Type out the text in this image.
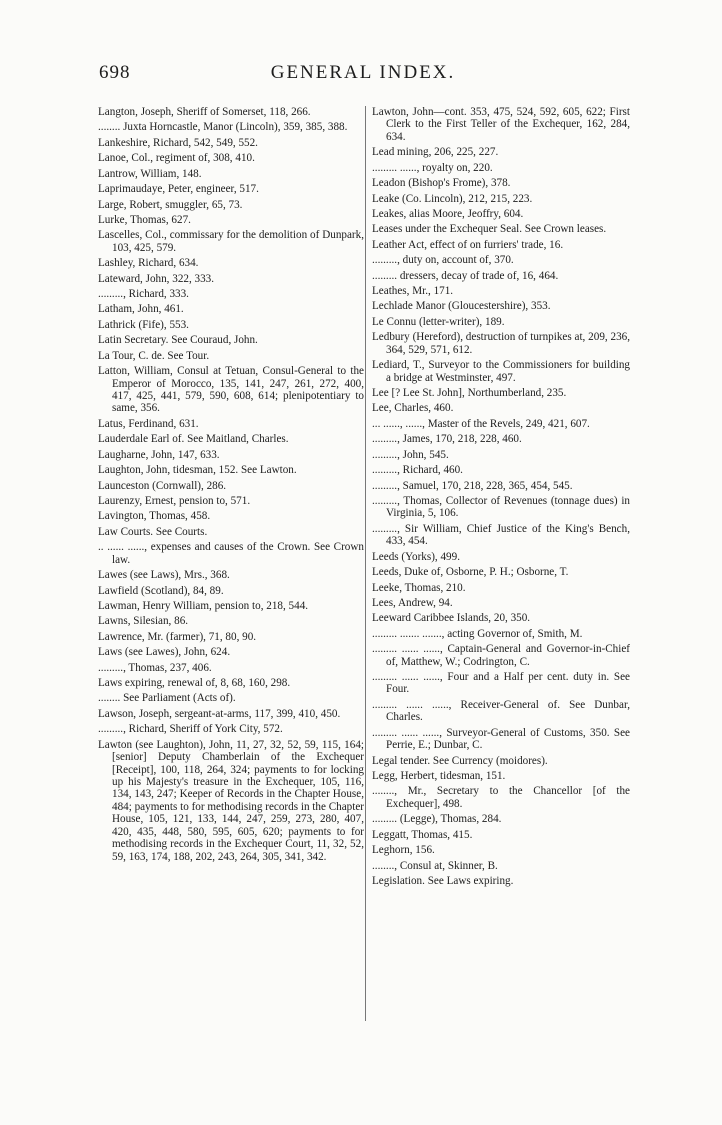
698	GENERAL INDEX.

Langton, Joseph, Sheriff of Somerset, 118, 266.

........ Juxta Horncastle, Manor (Lincoln), 359, 385, 388.

Lankeshire, Richard, 542, 549, 552.

Lanoe, Col., regiment of, 308, 410.

Lantrow, William, 148.

Laprimaudaye, Peter, engineer, 517.

Large, Robert, smuggler, 65, 73.

Lurke, Thomas, 627.

Lascelles, Col., commissary for the demolition of Dunpark, 103, 425, 579.

Lashley, Richard, 634.

Lateward, John, 322, 333.

........., Richard, 333.

Latham, John, 461.

Lathrick (Fife), 553.

Latin Secretary. See Couraud, John.

La Tour, C. de. See Tour.

Latton, William, Consul at Tetuan, Consul-General to the Emperor of Morocco, 135, 141, 247, 261, 272, 400, 417, 425, 441, 579, 590, 608, 614; plenipotentiary to same, 356.

Latus, Ferdinand, 631.

Lauderdale Earl of. See Maitland, Charles.

Laugharne, John, 147, 633.

Laughton, John, tidesman, 152. See Lawton.

Launceston (Cornwall), 286.

Laurenzy, Ernest, pension to, 571.

Lavington, Thomas, 458.

Law Courts. See Courts.

.. ...... ......, expenses and causes of the Crown. See Crown law.

Lawes (see Laws), Mrs., 368.

Lawfield (Scotland), 84, 89.

Lawman, Henry William, pension to, 218, 544.

Lawns, Silesian, 86.

Lawrence, Mr. (farmer), 71, 80, 90.

Laws (see Lawes), John, 624.

........., Thomas, 237, 406.

Laws expiring, renewal of, 8, 68, 160, 298.

........ See Parliament (Acts of).

Lawson, Joseph, sergeant-at-arms, 117, 399, 410, 450.

........., Richard, Sheriff of York City, 572.

Lawton (see Laughton), John, 11, 27, 32, 52, 59, 115, 164; [senior] Deputy Chamberlain of the Exchequer [Receipt], 100, 118, 264, 324; payments to for locking up his Majesty's treasure in the Exchequer, 105, 116, 134, 143, 247; Keeper of Records in the Chapter House, 484; payments to for methodising records in the Chapter House, 105, 121, 133, 144, 247, 259, 273, 280, 407, 420, 435, 448, 580, 595, 605, 620; payments to for methodising records in the Exchequer Court, 11, 32, 52, 59, 163, 174, 188, 202, 243, 264, 305, 341, 342.

Lawton, John—cont. 353, 475, 524, 592, 605, 622; First Clerk to the First Teller of the Exchequer, 162, 284, 634.

Lead mining, 206, 225, 227.

......... ......, royalty on, 220.

Leadon (Bishop's Frome), 378.

Leake (Co. Lincoln), 212, 215, 223.

Leakes, alias Moore, Jeoffry, 604.

Leases under the Exchequer Seal. See Crown leases.

Leather Act, effect of on furriers' trade, 16.

........., duty on, account of, 370.

......... dressers, decay of trade of, 16, 464.

Leathes, Mr., 171.

Lechlade Manor (Gloucestershire), 353.

Le Connu (letter-writer), 189.

Ledbury (Hereford), destruction of turnpikes at, 209, 236, 364, 529, 571, 612.

Lediard, T., Surveyor to the Commissioners for building a bridge at Westminster, 497.

Lee [? Lee St. John], Northumberland, 235.

Lee, Charles, 460.

... ......, ......, Master of the Revels, 249, 421, 607.

........., James, 170, 218, 228, 460.

........., John, 545.

........., Richard, 460.

........., Samuel, 170, 218, 228, 365, 454, 545.

........., Thomas, Collector of Revenues (tonnage dues) in Virginia, 5, 106.

........., Sir William, Chief Justice of the King's Bench, 433, 454.

Leeds (Yorks), 499.

Leeds, Duke of, Osborne, P. H.; Osborne, T.

Leeke, Thomas, 210.

Lees, Andrew, 94.

Leeward Caribbee Islands, 20, 350.

......... ....... ......., acting Governor of, Smith, M.

......... ...... ......, Captain-General and Governor-in-Chief of, Matthew, W.; Codrington, C.

......... ...... ......, Four and a Half per cent. duty in. See Four.

......... ...... ......, Receiver-General of. See Dunbar, Charles.

......... ...... ......, Surveyor-General of Customs, 350. See Perrie, E.; Dunbar, C.

Legal tender. See Currency (moidores).

Legg, Herbert, tidesman, 151.

........, Mr., Secretary to the Chancellor [of the Exchequer], 498.

......... (Legge), Thomas, 284.

Leggatt, Thomas, 415.

Leghorn, 156.

........, Consul at, Skinner, B.

Legislation. See Laws expiring.
